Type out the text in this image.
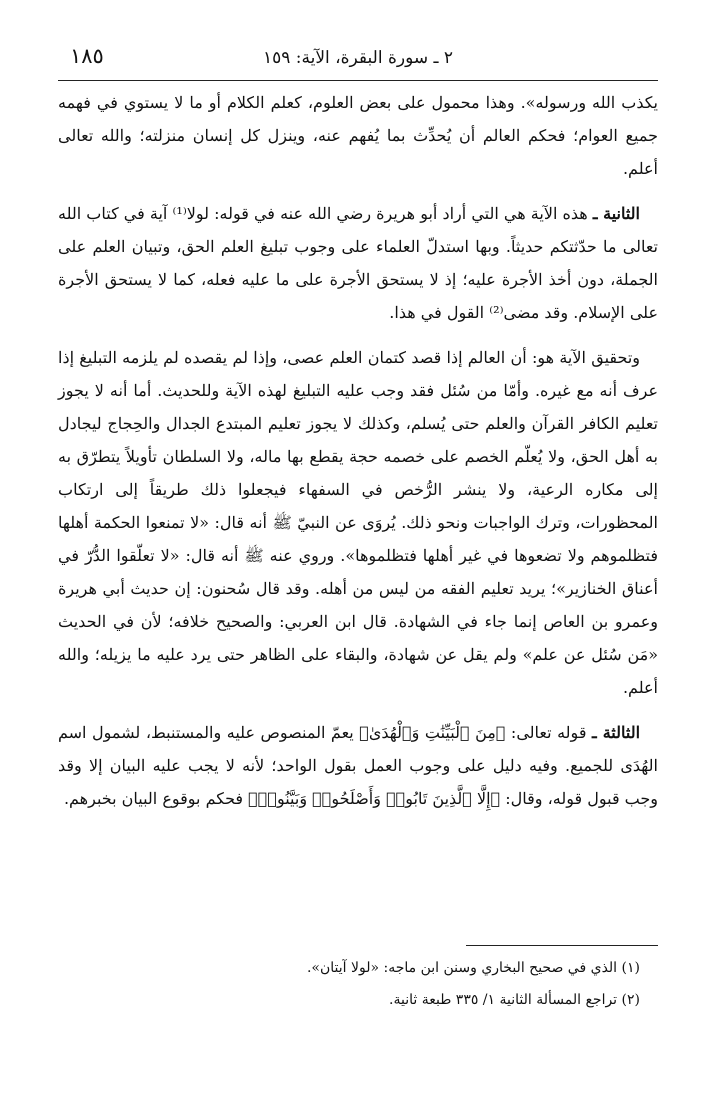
١٨٥	٢ ـ سورة البقرة، الآية: ١٥٩

يكذب الله ورسوله». وهذا محمول على بعض العلوم، كعلم الكلام أو ما لا يستوي في فهمه جميع العوام؛ فحكم العالم أن يُحدِّث بما يُفهم عنه، وينزل كل إنسان منزلته؛ والله تعالى أعلم.

الثانية ـ هذه الآية هي التي أراد أبو هريرة رضي الله عنه في قوله: لولا⁽¹⁾ آية في كتاب الله تعالى ما حدّثتكم حديثاً. وبها استدلّ العلماء على وجوب تبليغ العلم الحق، وتبيان العلم على الجملة، دون أخذ الأجرة عليه؛ إذ لا يستحق الأجرة على ما عليه فعله، كما لا يستحق الأجرة على الإسلام. وقد مضى⁽²⁾ القول في هذا.

وتحقيق الآية هو: أن العالم إذا قصد كتمان العلم عصى، وإذا لم يقصده لم يلزمه التبليغ إذا عرف أنه مع غيره. وأمّا من سُئل فقد وجب عليه التبليغ لهذه الآية وللحديث. أما أنه لا يجوز تعليم الكافر القرآن والعلم حتى يُسلم، وكذلك لا يجوز تعليم المبتدع الجدال والحِجاج ليجادل به أهل الحق، ولا يُعلّم الخصم على خصمه حجة يقطع بها ماله، ولا السلطان تأويلاً يتطرّق به إلى مكاره الرعية، ولا ينشر الرُّخص في السفهاء فيجعلوا ذلك طريقاً إلى ارتكاب المحظورات، وترك الواجبات ونحو ذلك. يُروَى عن النبيّ ﷺ أنه قال: «لا تمنعوا الحكمة أهلها فتظلموهم ولا تضعوها في غير أهلها فتظلموها». وروي عنه ﷺ أنه قال: «لا تعلّقوا الدُّرّ في أعناق الخنازير»؛ يريد تعليم الفقه من ليس من أهله. وقد قال سُحنون: إن حديث أبي هريرة وعمرو بن العاص إنما جاء في الشهادة. قال ابن العربي: والصحيح خلافه؛ لأن في الحديث «مَن سُئل عن علم» ولم يقل عن شهادة، والبقاء على الظاهر حتى يرد عليه ما يزيله؛ والله أعلم.

الثالثة ـ قوله تعالى: ﴿مِنَ ٱلْبَيِّنَٰتِ وَٱلْهُدَىٰ﴾ يعمّ المنصوص عليه والمستنبط، لشمول اسم الهُدَى للجميع. وفيه دليل على وجوب العمل بقول الواحد؛ لأنه لا يجب عليه البيان إلا وقد وجب قبول قوله، وقال: ﴿إِلَّا ٱلَّذِينَ تَابُوا۟ وَأَصْلَحُوا۟ وَبَيَّنُوا۟﴾ فحكم بوقوع البيان بخبرهم.

(١) الذي في صحيح البخاري وسنن ابن ماجه: «لولا آيتان».

(٢) تراجع المسألة الثانية ١/ ٣٣٥ طبعة ثانية.
